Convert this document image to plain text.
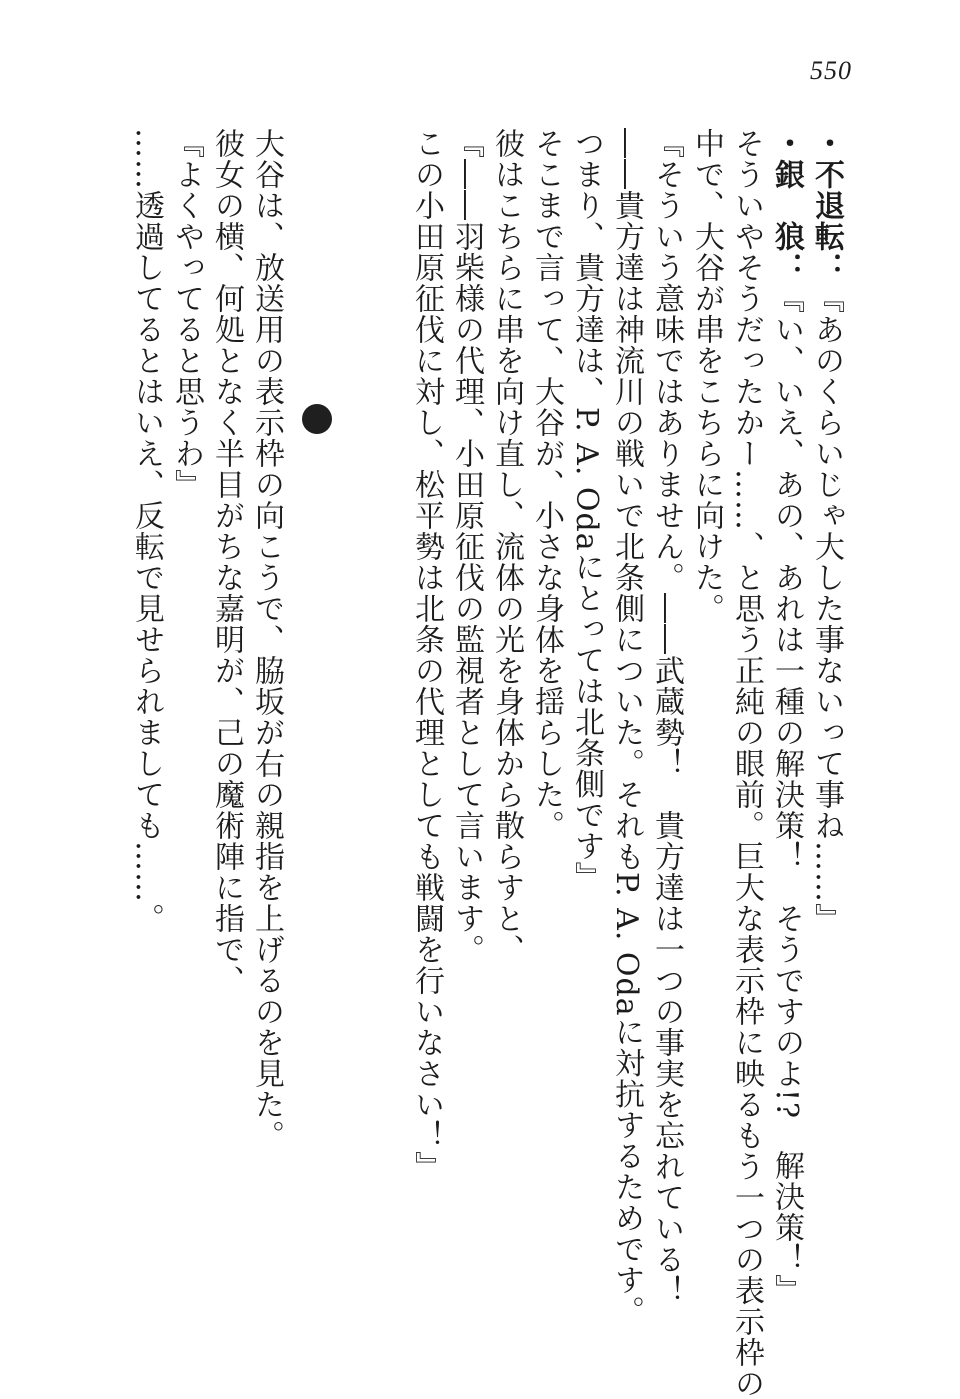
550
・不退転：『あのくらいじゃ大した事ないって事ね……』
・銀　狼：『い、いえ、あの、あれは一種の解決策！　そうですのよ!?　解決策！』
そういやそうだったかー……、と思う正純の眼前。巨大な表示枠に映るもう一つの表示枠の
中で、大谷が串をこちらに向けた。
『そういう意味ではありません。――武蔵勢！　貴方達は一つの事実を忘れている！
――貴方達は神流川の戦いで北条側についた。それもP. A. Odaに対抗するためです。
つまり、貴方達は、P. A. Odaにとっては北条側です』
そこまで言って、大谷が、小さな身体を揺らした。
彼はこちらに串を向け直し、流体の光を身体から散らすと、
『――羽柴様の代理、小田原征伐の監視者として言います。
この小田原征伐に対し、松平勢は北条の代理としても戦闘を行いなさい！』
大谷は、放送用の表示枠の向こうで、脇坂が右の親指を上げるのを見た。
彼女の横、何処となく半目がちな嘉明が、己の魔術陣に指で、
『よくやってると思うわ』
……透過してるとはいえ、反転で見せられましても……。
